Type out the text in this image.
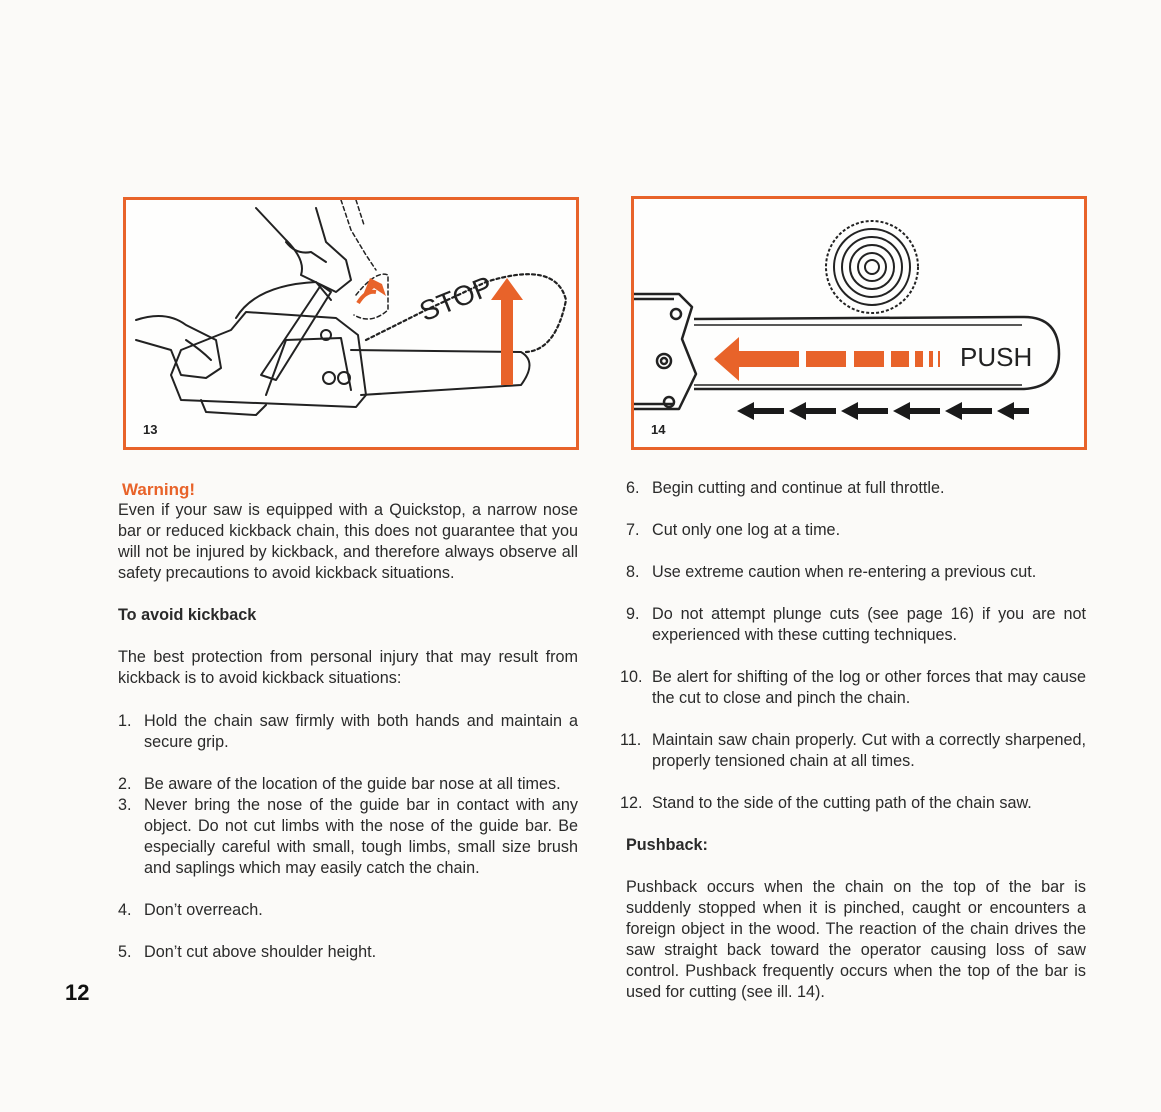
STOP
13
PUSH
14

Warning!

Even if your saw is equipped with a Quickstop, a narrow nose bar or reduced kickback chain, this does not guarantee that you will not be injured by kickback, and therefore always observe all safety precautions to avoid kickback situations.

To avoid kickback

The best protection from personal injury that may result from kickback is to avoid kickback situations:

1. Hold the chain saw firmly with both hands and maintain a secure grip.
2. Be aware of the location of the guide bar nose at all times.
3. Never bring the nose of the guide bar in contact with any object. Do not cut limbs with the nose of the guide bar. Be especially careful with small, tough limbs, small size brush and saplings which may easily catch the chain.
4. Don’t overreach.
5. Don’t cut above shoulder height.
6. Begin cutting and continue at full throttle.
7. Cut only one log at a time.
8. Use extreme caution when re-entering a previous cut.
9. Do not attempt plunge cuts (see page 16) if you are not experienced with these cutting techniques.
10. Be alert for shifting of the log or other forces that may cause the cut to close and pinch the chain.
11. Maintain saw chain properly. Cut with a correctly sharpened, properly tensioned chain at all times.
12. Stand to the side of the cutting path of the chain saw.

Pushback:

Pushback occurs when the chain on the top of the bar is suddenly stopped when it is pinched, caught or encounters a foreign object in the wood. The reaction of the chain drives the saw straight back toward the operator causing loss of saw control. Pushback frequently occurs when the top of the bar is used for cutting (see ill. 14).

12
